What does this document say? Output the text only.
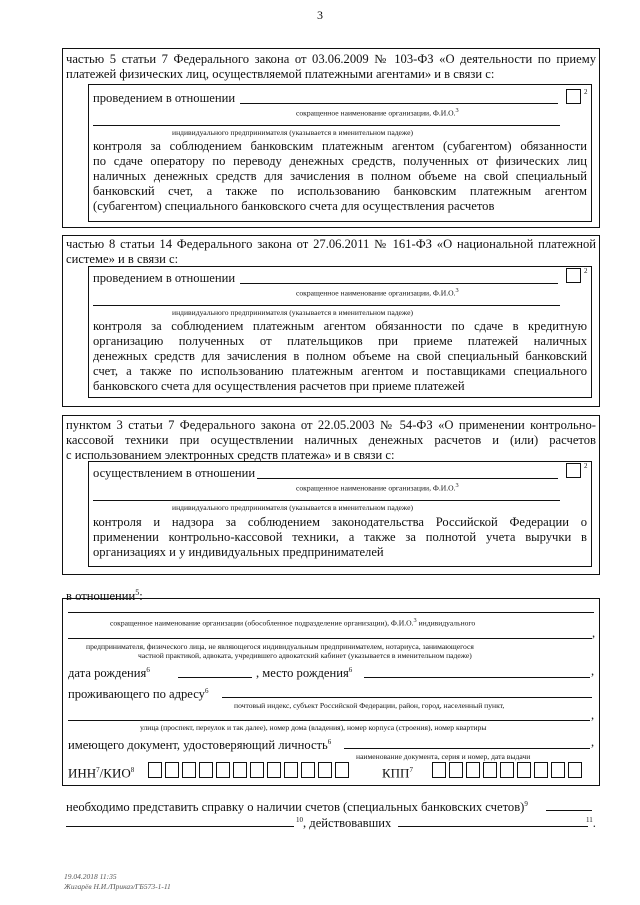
3
частью 5 статьи 7 Федерального закона от 03.06.2009 № 103-ФЗ «О деятельности по приему
платежей физических лиц, осуществляемой платежными агентами» и в связи с:
проведением в отношении	2
сокращенное наименование организации, Ф.И.О.$^3$
индивидуального предпринимателя (указывается в именительном падеже)
контроля за соблюдением банковским платежным агентом (субагентом) обязанности
по сдаче оператору по переводу денежных средств, полученных от физических лиц
наличных денежных средств для зачисления в полном объеме на свой специальный
банковский счет, а также по использованию банковским платежным агентом
(субагентом) специального банковского счета для осуществления расчетов
частью 8 статьи 14 Федерального закона от 27.06.2011 № 161-ФЗ «О национальной платежной
системе» и в связи с:
проведением в отношении	2
сокращенное наименование организации, Ф.И.О.$^3$
индивидуального предпринимателя (указывается в именительном падеже)
контроля за соблюдением платежным агентом обязанности по сдаче в кредитную
организацию полученных от плательщиков при приеме платежей наличных
денежных средств для зачисления в полном объеме на свой специальный банковский
счет, а также по использованию платежным агентом и поставщиками специального
банковского счета для осуществления расчетов при приеме платежей
пунктом 3 статьи 7 Федерального закона от 22.05.2003 № 54-ФЗ «О применении контрольно-
кассовой техники при осуществлении наличных денежных расчетов и (или) расчетов
с использованием электронных средств платежа» и в связи с:
осуществлением в отношении	2
сокращенное наименование организации, Ф.И.О.$^3$
индивидуального предпринимателя (указывается в именительном падеже)
контроля и надзора за соблюдением законодательства Российской Федерации о
применении контрольно-кассовой техники, а также за полнотой учета выручки в
организациях и у индивидуальных предпринимателей
в отношении$^5$:
сокращенное наименование организации (обособленное подразделение организации), Ф.И.О.$^3$ индивидуального
,
предпринимателя, физического лица, не являющегося индивидуальным предпринимателем, нотариуса, занимающегося
частной практикой, адвоката, учредившего адвокатский кабинет (указывается в именительном падеже)
дата рождения$^6$	, место рождения$^6$	,
проживающего по адресу$^6$
почтовый индекс, субъект Российской Федерации, район, город, населенный пункт,
,
улица (проспект, переулок и так далее), номер дома (владения), номер корпуса (строения), номер квартиры
имеющего документ, удостоверяющий личность$^6$	,
наименование документа, серия и номер, дата выдачи
ИНН$^7$/КИО$^8$	КПП$^7$
необходимо представить справку о наличии счетов (специальных банковских счетов)$^9$
$^{10}$, действовавших	$^{11}$.
19.04.2018 11:35
Жигарёв Н.И./Приказ/ГБ573-1-11
